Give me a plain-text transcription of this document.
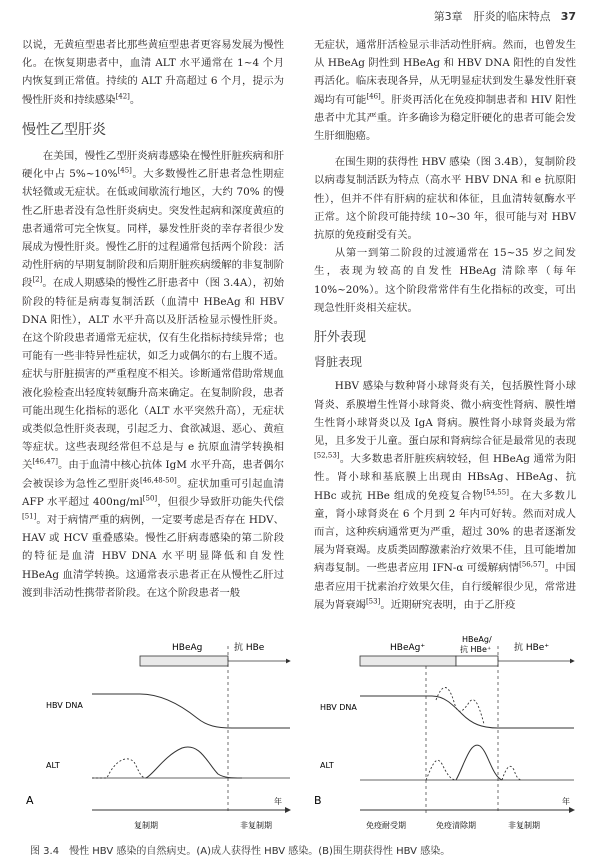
第3章　肝炎的临床特点 37

以说，无黄疸型患者比那些黄疸型患者更容易发展为慢性化。在恢复期患者中，血清 ALT 水平通常在 1~4 个月内恢复到正常值。持续的 ALT 升高超过 6 个月，提示为慢性肝炎和持续感染[42]。

慢性乙型肝炎

在美国，慢性乙型肝炎病毒感染在慢性肝脏疾病和肝硬化中占 5%~10%[45]。大多数慢性乙肝患者急性期症状轻微或无症状。在低或间歇流行地区，大约 70% 的慢性乙肝患者没有急性肝炎病史。突发性起病和深度黄疸的患者通常可完全恢复。同样，暴发性肝炎的幸存者很少发展成为慢性肝炎。慢性乙肝的过程通常包括两个阶段：活动性肝病的早期复制阶段和后期肝脏疾病缓解的非复制阶段[2]。在成人期感染的慢性乙肝患者中（图 3.4A），初始阶段的特征是病毒复制活跃（血清中 HBeAg 和 HBV DNA 阳性），ALT 水平升高以及肝活检显示慢性肝炎。在这个阶段患者通常无症状，仅有生化指标持续异常；也可能有一些非特异性症状，如乏力或偶尔的右上腹不适。症状与肝脏损害的严重程度不相关。诊断通常借助常规血液化验检查出轻度转氨酶升高来确定。在复制阶段，患者可能出现生化指标的恶化（ALT 水平突然升高），无症状或类似急性肝炎表现，引起乏力、食欲减退、恶心、黄疸等症状。这些表现经常但不总是与 e 抗原血清学转换相关[46,47]。由于血清中核心抗体 IgM 水平升高，患者偶尔会被误诊为急性乙型肝炎[46,48-50]。症状加重可引起血清 AFP 水平超过 400ng/ml[50]，但很少导致肝功能失代偿[51]。对于病情严重的病例，一定要考虑是否存在 HDV、HAV 或 HCV 重叠感染。慢性乙肝病毒感染的第二阶段的特征是血清 HBV DNA 水平明显降低和自发性 HBeAg 血清学转换。这通常表示患者正在从慢性乙肝过渡到非活动性携带者阶段。在这个阶段患者一般

无症状，通常肝活检显示非活动性肝病。然而，也曾发生从 HBeAg 阴性到 HBeAg 和 HBV DNA 阳性的自发性再活化。临床表现各异，从无明显症状到发生暴发性肝衰竭均有可能[46]。肝炎再活化在免疫抑制患者和 HIV 阳性患者中尤其严重。许多确诊为稳定肝硬化的患者可能会发生肝细胞癌。

在围生期的获得性 HBV 感染（图 3.4B），复制阶段以病毒复制活跃为特点（高水平 HBV DNA 和 e 抗原阳性），但并不伴有肝病的症状和体征，且血清转氨酶水平正常。这个阶段可能持续 10~30 年，很可能与对 HBV 抗原的免疫耐受有关。

从第一到第二阶段的过渡通常在 15~35 岁之间发生，表现为较高的自发性 HBeAg 清除率（每年 10%~20%）。这个阶段常常伴有生化指标的改变，可出现急性肝炎相关症状。

肝外表现
肾脏表现

HBV 感染与数种肾小球肾炎有关，包括膜性肾小球肾炎、系膜增生性肾小球肾炎、微小病变性肾病、膜性增生性肾小球肾炎以及 IgA 肾病。膜性肾小球肾炎最为常见，且多发于儿童。蛋白尿和肾病综合征是最常见的表现[52,53]。大多数患者肝脏疾病较轻，但 HBeAg 通常为阳性。肾小球和基底膜上出现由 HBsAg、HBeAg、抗 HBc 或抗 HBe 组成的免疫复合物[54,55]。在大多数儿童，肾小球肾炎在 6 个月到 2 年内可好转。然而对成人而言，这种疾病通常更为严重，超过 30% 的患者逐渐发展为肾衰竭。皮质类固醇激素治疗效果不佳，且可能增加病毒复制。一些患者应用 IFN-α 可缓解病情[56,57]。中国患者应用干扰素治疗效果欠佳，自行缓解很少见，常常进展为肾衰竭[53]。近期研究表明，由于乙肝疫

A
HBeAg	抗 HBe
HBV DNA
ALT
年
复制期	非复制期
B
HBeAg⁺
HBeAg/
抗 HBe⁺	抗 HBe⁺
HBV DNA
ALT
年
免疫耐受期	免疫清除期	非复制期
图 3.4　慢性 HBV 感染的自然病史。(A)成人获得性 HBV 感染。(B)围生期获得性 HBV 感染。
